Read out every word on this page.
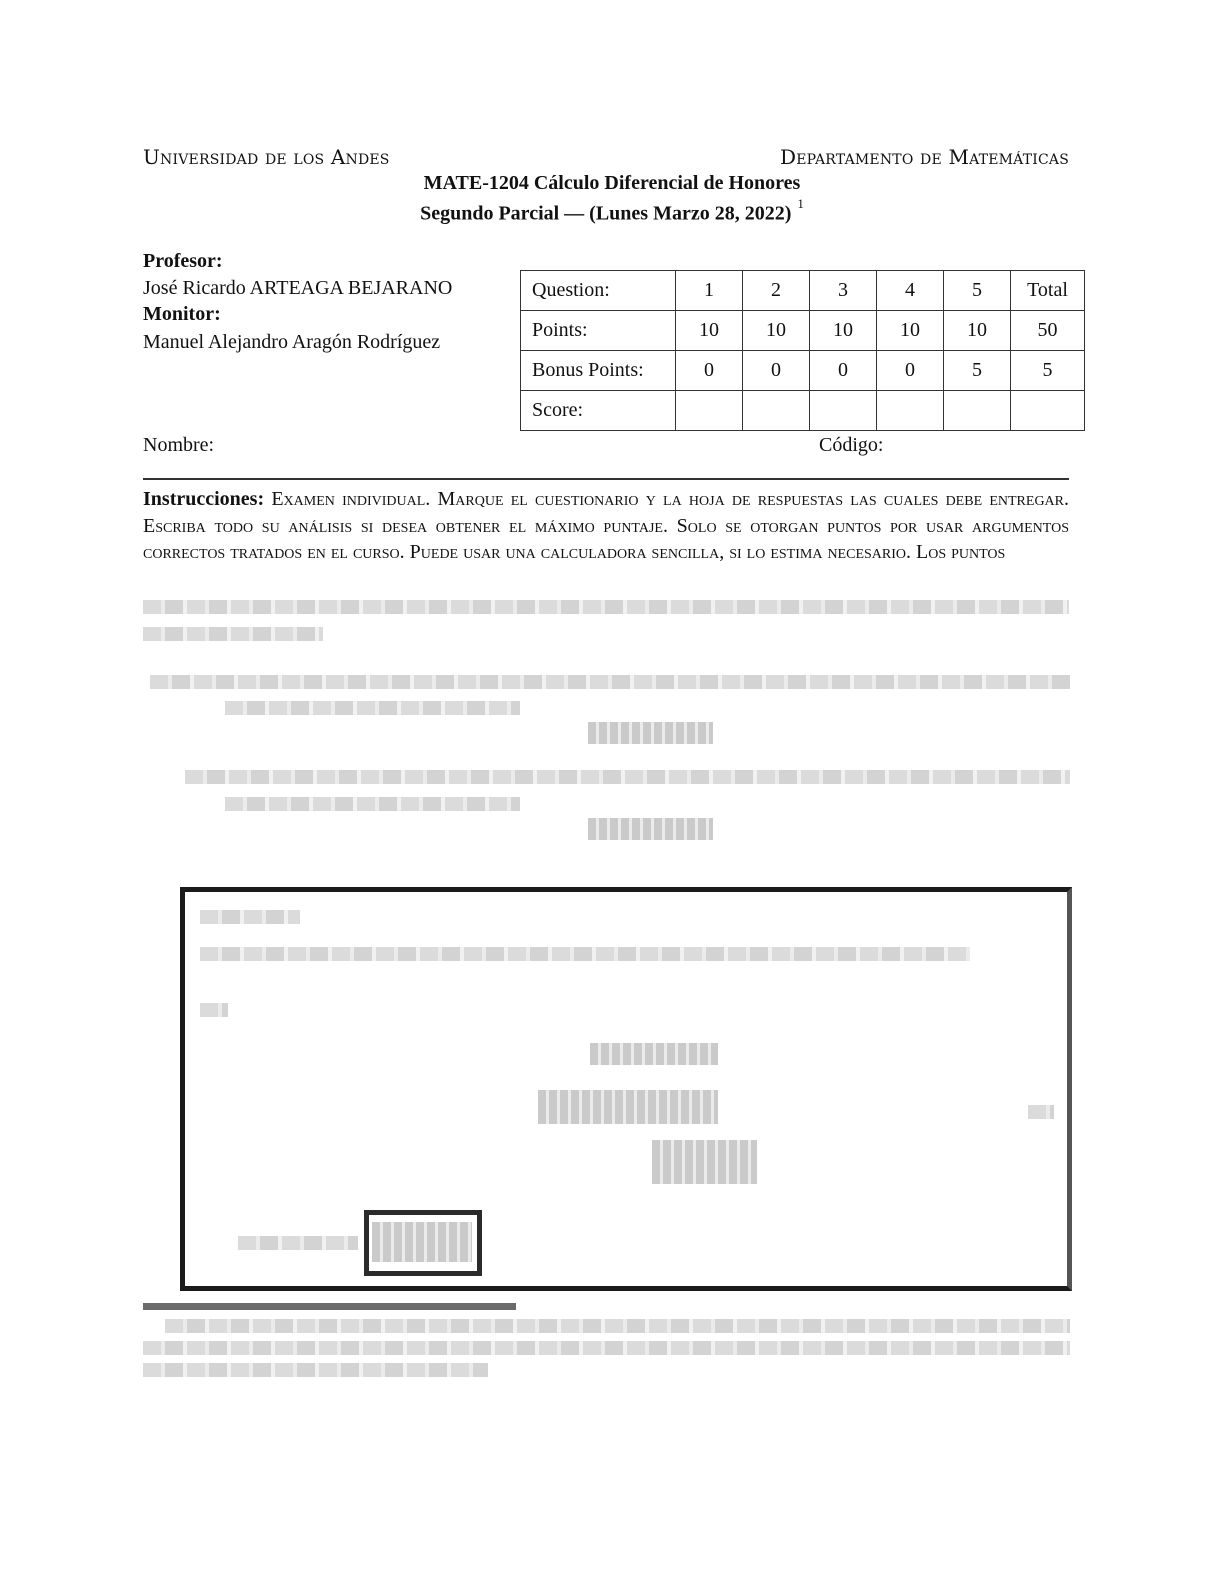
Universidad de los Andes	Departamento de Matemáticas
MATE-1204 Cálculo Diferencial de Honores
Segundo Parcial — (Lunes Marzo 28, 2022) $^1$
Profesor:
José Ricardo ARTEAGA BEJARANO
Monitor:
Manuel Alejandro Aragón Rodríguez
Question:	1	2	3	4	5	Total
Points:	10	10	10	10	10	50
Bonus Points:	0	0	0	0	5	5
Score:						
Nombre:	Código:
Instrucciones: Examen individual. Marque el cuestionario y la hoja de respuestas las cuales debe entregar. Escriba todo su análisis si desea obtener el máximo puntaje. Solo se otorgan puntos por usar argumentos correctos tratados en el curso. Puede usar una calculadora sencilla, si lo estima necesario. Los puntos
